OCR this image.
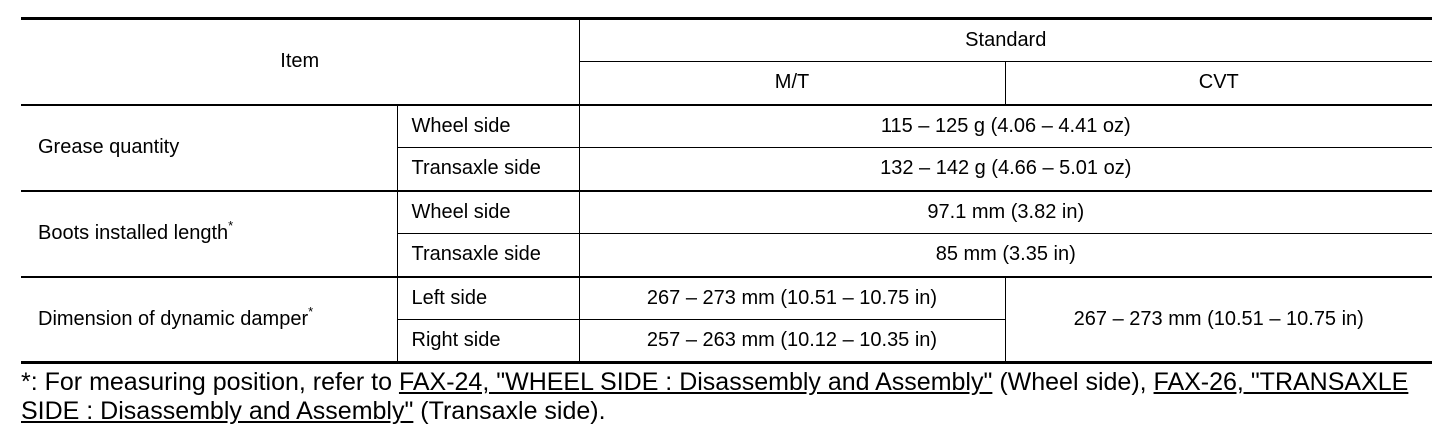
Item		Standard	
		M/T	CVT
Grease quantity	Wheel side	115 – 125 g (4.06 – 4.41 oz)	
	Transaxle side	132 – 142 g (4.66 – 5.01 oz)	
Boots installed length*	Wheel side	97.1 mm (3.82 in)	
	Transaxle side	85 mm (3.35 in)	
Dimension of dynamic damper*	Left side	267 – 273 mm (10.51 – 10.75 in)	267 – 273 mm (10.51 – 10.75 in)
	Right side	257 – 263 mm (10.12 – 10.35 in)	

*: For measuring position, refer to FAX-24, "WHEEL SIDE : Disassembly and Assembly" (Wheel side), FAX-26, "TRANSAXLE SIDE : Disassembly and Assembly" (Transaxle side).
